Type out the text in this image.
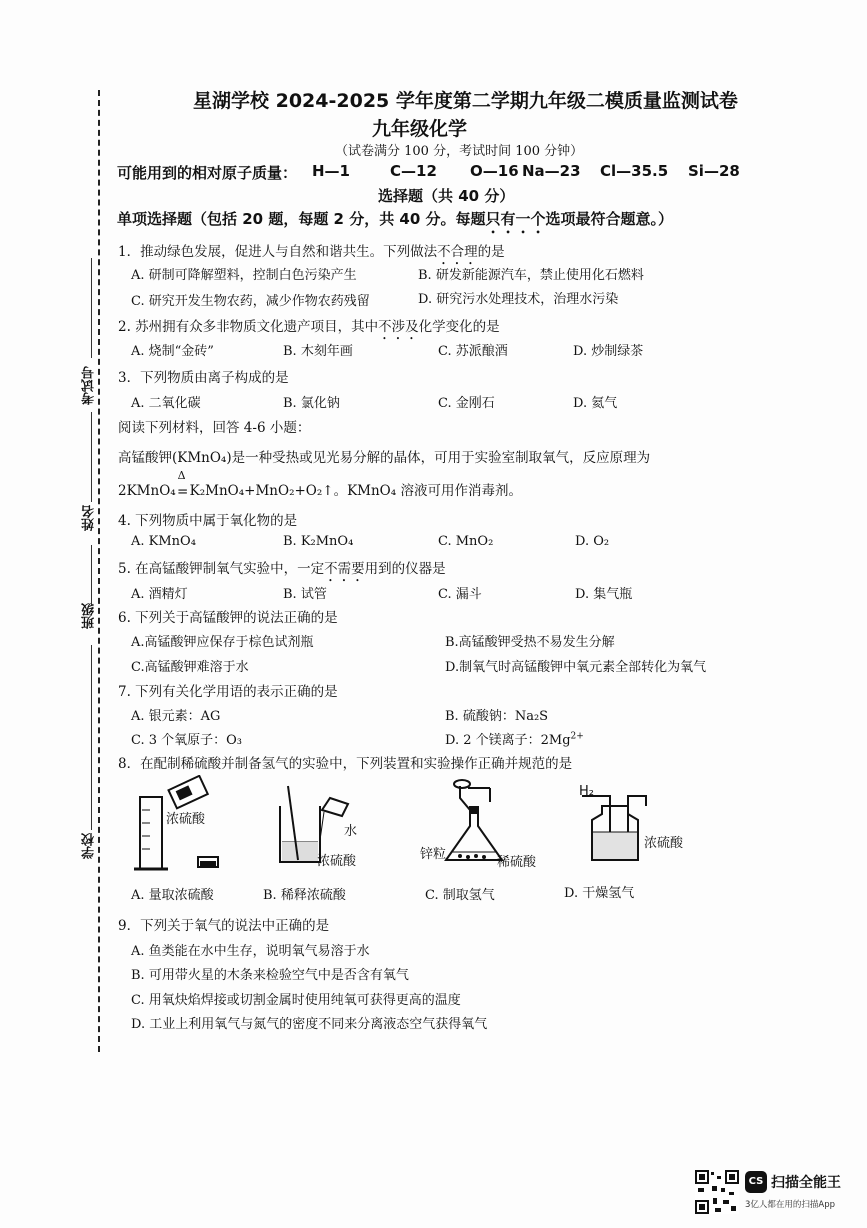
考试号
姓名
班级
学校
星湖学校 2024-2025 学年度第二学期九年级二模质量监测试卷
九年级化学
（试卷满分 100 分，考试时间 100 分钟）
可能用到的相对原子质量： H—1	C—12 O—16 Na—23 Cl—35.5 Si—28
选择题（共 40 分）
单项选择题（包括 20 题，每题 2 分，共 40 分。每题只有一个选项最符合题意。）
1．推动绿色发展，促进人与自然和谐共生。下列做法不合理的是
A. 研制可降解塑料，控制白色污染产生	B. 研发新能源汽车，禁止使用化石燃料
C. 研究开发生物农药，减少作物农药残留	D. 研究污水处理技术，治理水污染
2. 苏州拥有众多非物质文化遗产项目，其中不涉及化学变化的是
A. 烧制“金砖”	B. 木刻年画	C. 苏派酿酒	D. 炒制绿茶
3．下列物质由离子构成的是
A. 二氧化碳	B. 氯化钠	C. 金刚石	D. 氦气
阅读下列材料，回答 4-6 小题：
高锰酸钾(KMnO₄)是一种受热或见光易分解的晶体，可用于实验室制取氧气，反应原理为
2KMnO₄
Δ
=K₂MnO₄+MnO₂+O₂↑。KMnO₄ 溶液可用作消毒剂。
4. 下列物质中属于氧化物的是
A. KMnO₄	B. K₂MnO₄	C. MnO₂	D. O₂
5. 在高锰酸钾制氧气实验中，一定不需要用到的仪器是
A. 酒精灯	B. 试管	C. 漏斗	D. 集气瓶
6. 下列关于高锰酸钾的说法正确的是
A.高锰酸钾应保存于棕色试剂瓶	B.高锰酸钾受热不易发生分解
C.高锰酸钾难溶于水	D.制氧气时高锰酸钾中氧元素全部转化为氧气
7. 下列有关化学用语的表示正确的是
A. 银元素：AG	B. 硫酸钠：Na₂S
C. 3 个氧原子：O₃	D. 2 个镁离子：$2Mg^{2+}$
8．在配制稀硫酸并制备氢气的实验中，下列装置和实验操作正确并规范的是
浓硫酸
水
浓硫酸	锌粒
稀硫酸
H₂
浓硫酸
A. 量取浓硫酸	B. 稀释浓硫酸	C. 制取氢气	D. 干燥氢气
9．下列关于氧气的说法中正确的是
A. 鱼类能在水中生存，说明氧气易溶于水
B. 可用带火星的木条来检验空气中是否含有氧气
C. 用氧炔焰焊接或切割金属时使用纯氧可获得更高的温度
D. 工业上利用氧气与氮气的密度不同来分离液态空气获得氧气
CS 扫描全能王
3亿人都在用的扫描App
